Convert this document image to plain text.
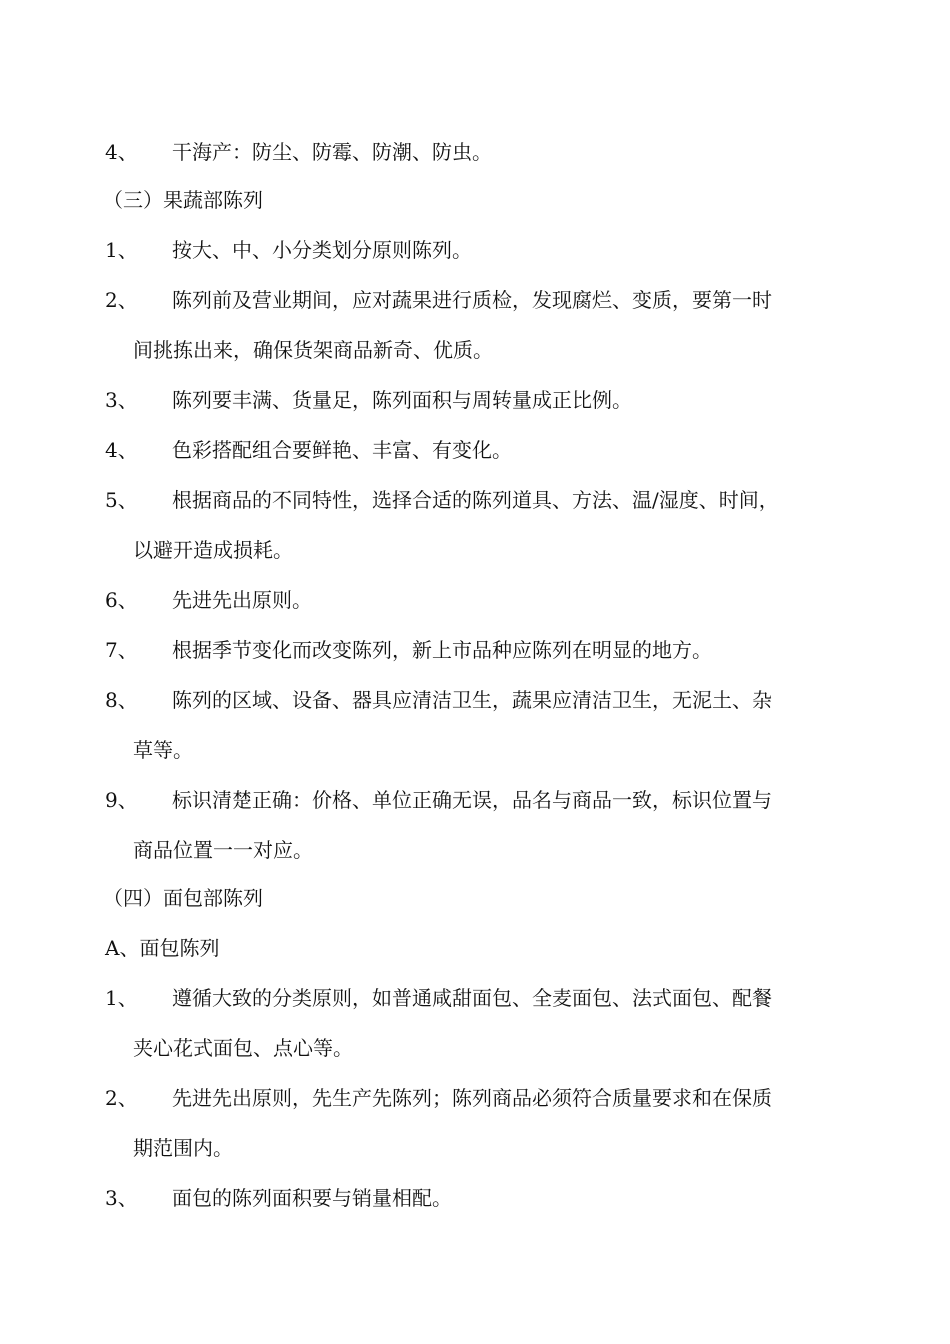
4、 干海产：防尘、防霉、防潮、防虫。
（三）果蔬部陈列
1、 按大、中、小分类划分原则陈列。
2、 陈列前及营业期间，应对蔬果进行质检，发现腐烂、变质，要第一时
间挑拣出来，确保货架商品新奇、优质。
3、 陈列要丰满、货量足，陈列面积与周转量成正比例。
4、 色彩搭配组合要鲜艳、丰富、有变化。
5、 根据商品的不同特性，选择合适的陈列道具、方法、温/湿度、时间，
以避开造成损耗。
6、 先进先出原则。
7、 根据季节变化而改变陈列，新上市品种应陈列在明显的地方。
8、 陈列的区域、设备、器具应清洁卫生，蔬果应清洁卫生，无泥土、杂
草等。
9、 标识清楚正确：价格、单位正确无误，品名与商品一致，标识位置与
商品位置一一对应。
（四）面包部陈列
A、面包陈列
1、 遵循大致的分类原则，如普通咸甜面包、全麦面包、法式面包、配餐
夹心花式面包、点心等。
2、 先进先出原则，先生产先陈列；陈列商品必须符合质量要求和在保质
期范围内。
3、 面包的陈列面积要与销量相配。
